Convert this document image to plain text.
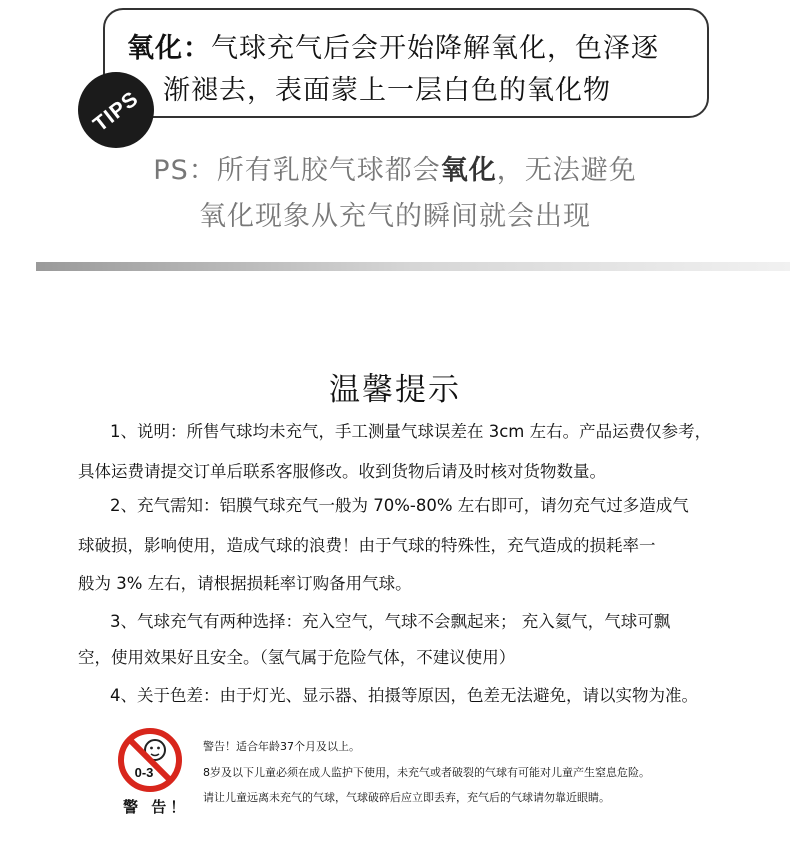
氧化：气球充气后会开始降解氧化，色泽逐
渐褪去，表面蒙上一层白色的氧化物
TIPS
PS：所有乳胶气球都会氧化，无法避免
氧化现象从充气的瞬间就会出现
温馨提示
1、说明：所售气球均未充气，手工测量气球误差在 3cm 左右。产品运费仅参考，
具体运费请提交订单后联系客服修改。收到货物后请及时核对货物数量。
2、充气需知：铝膜气球充气一般为 70%-80% 左右即可，请勿充气过多造成气
球破损，影响使用，造成气球的浪费！由于气球的特殊性，充气造成的损耗率一
般为 3% 左右，请根据损耗率订购备用气球。
3、气球充气有两种选择：充入空气，气球不会飘起来； 充入氦气，气球可飘
空，使用效果好且安全。（氢气属于危险气体，不建议使用）
4、关于色差：由于灯光、显示器、拍摄等原因，色差无法避免，请以实物为准。
0-3
警 告！
警告！适合年龄37个月及以上。
8岁及以下儿童必须在成人监护下使用，未充气或者破裂的气球有可能对儿童产生窒息危险。
请让儿童远离未充气的气球，气球破碎后应立即丢弃，充气后的气球请勿靠近眼睛。
